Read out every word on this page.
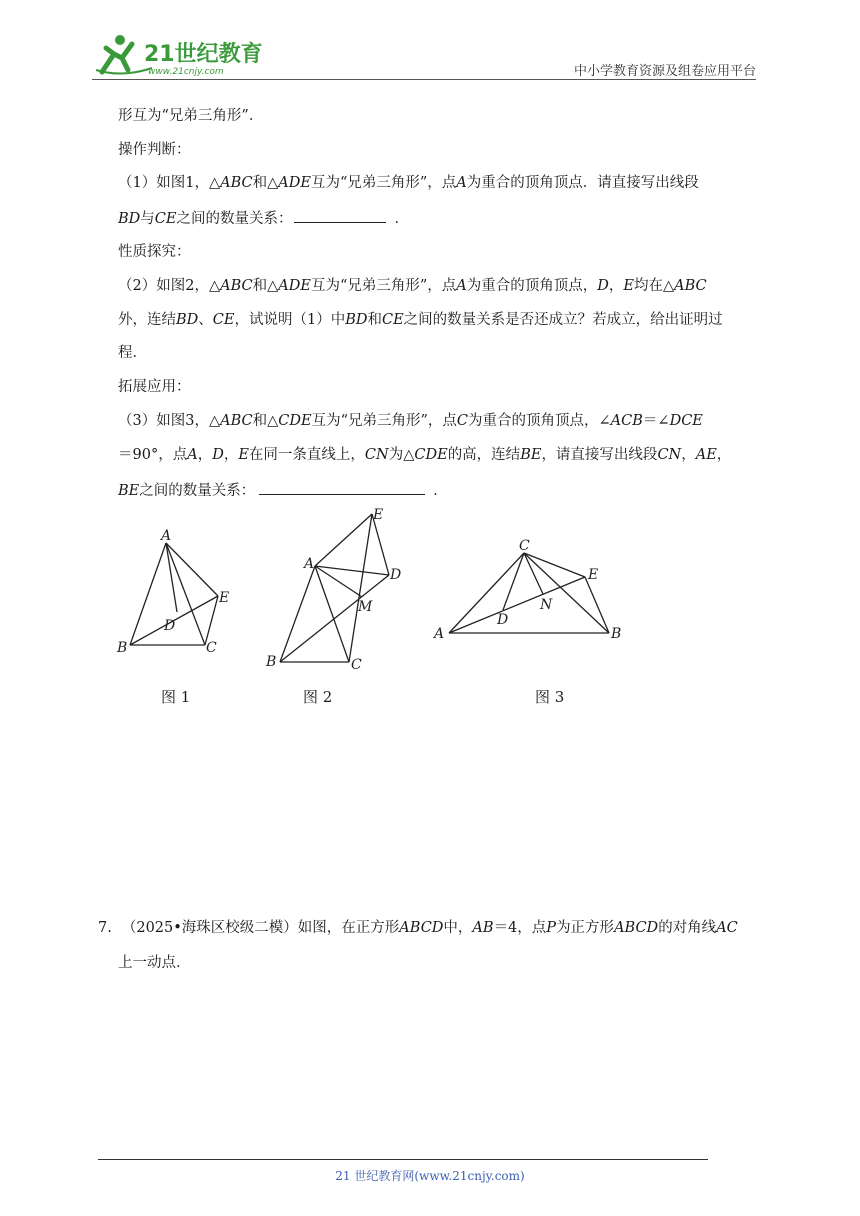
21世纪教育
www.21cnjy.com	中小学教育资源及组卷应用平台
形互为“兄弟三角形”．
操作判断：
（1）如图1，△ABC和△ADE互为“兄弟三角形”，点A为重合的顶角顶点．请直接写出线段
BD与CE之间的数量关系：	．
性质探究：
（2）如图2，△ABC和△ADE互为“兄弟三角形”，点A为重合的顶角顶点，D，E均在△ABC
外，连结BD、CE，试说明（1）中BD和CE之间的数量关系是否还成立？若成立，给出证明过
程．
拓展应用：
（3）如图3，△ABC和△CDE互为“兄弟三角形”，点C为重合的顶角顶点，∠ACB＝∠DCE
＝90°，点A，D，E在同一条直线上，CN为△CDE的高，连结BE，请直接写出线段CN，AE，
BE之间的数量关系：	．
A
B	C
D
E
图 1
A
B	C
D
E
M
图 2
C
A	B
D
E
N
图 3
7. （2025•海珠区校级二模）如图，在正方形ABCD中，AB＝4，点P为正方形ABCD的对角线AC
上一动点．
21 世纪教育网(www.21cnjy.com)
